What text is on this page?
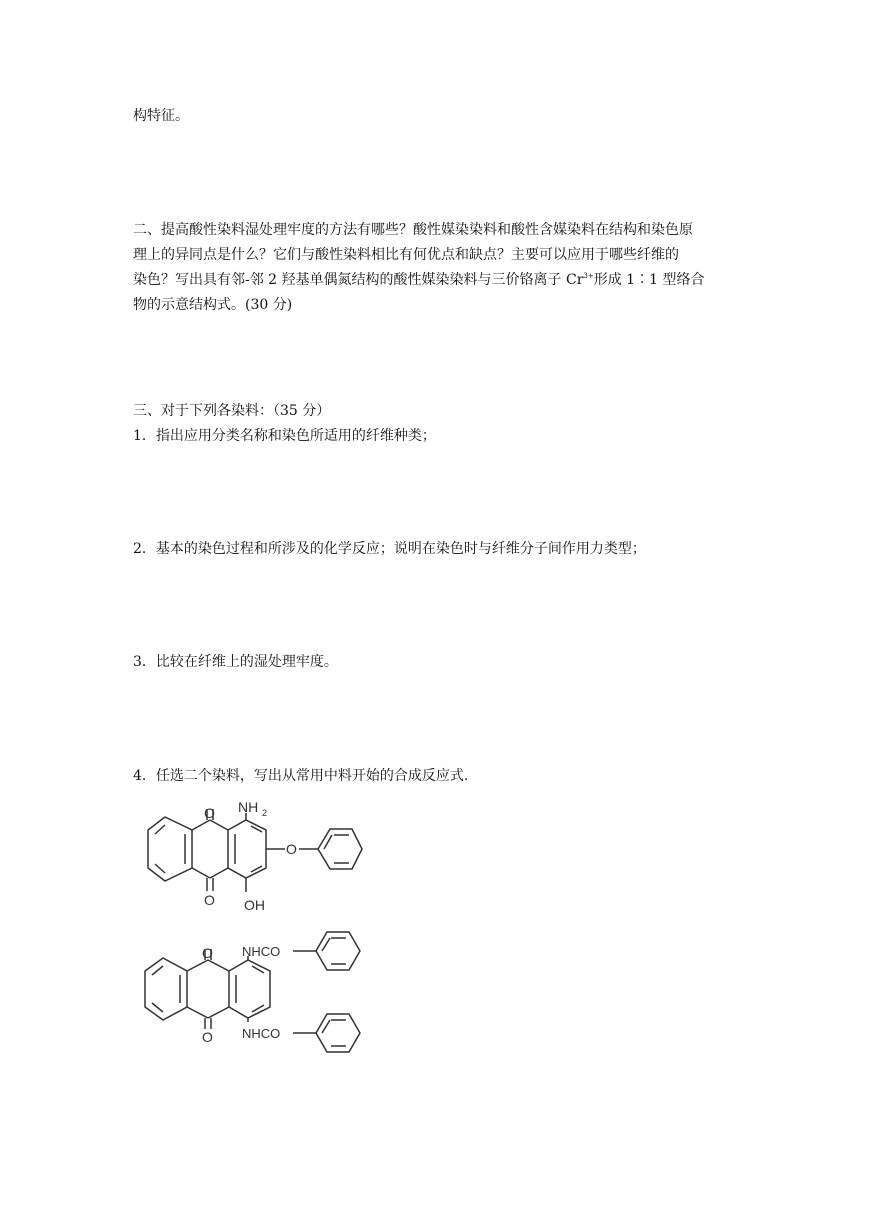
构特征。
二、提高酸性染料湿处理牢度的方法有哪些？酸性媒染染料和酸性含媒染料在结构和染色原
理上的异同点是什么？它们与酸性染料相比有何优点和缺点？主要可以应用于哪些纤维的
染色？写出具有邻-邻 2 羟基单偶氮结构的酸性媒染染料与三价铬离子 $Cr^{3+}$形成 1∶1 型络合
物的示意结构式。(30 分)
三、对于下列各染料：（35 分）
1．指出应用分类名称和染色所适用的纤维种类；
2．基本的染色过程和所涉及的化学反应；说明在染色时与纤维分子间作用力类型；
3．比较在纤维上的湿处理牢度。
4．任选二个染料，写出从常用中料开始的合成反应式.
O
O
NH 2
O
OH
O
O
NHCO
NHCO
